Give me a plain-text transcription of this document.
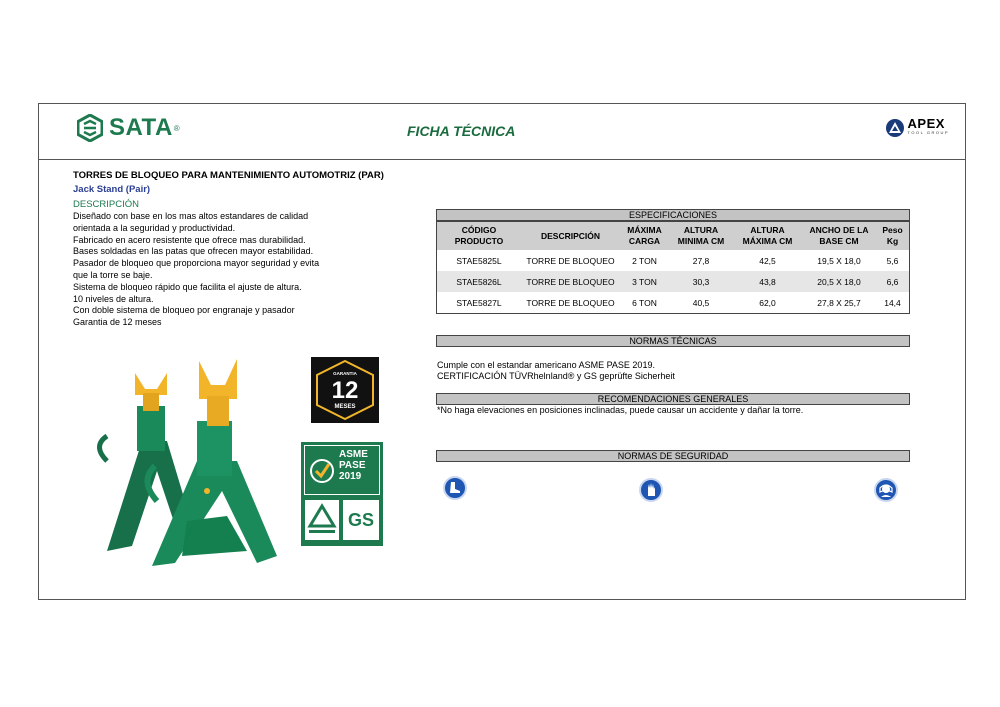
SATA ®	FICHA TÉCNICA	APEX
TOOL GROUP
TORRES DE BLOQUEO PARA MANTENIMIENTO AUTOMOTRIZ (PAR)
Jack Stand (Pair)
DESCRIPCIÓN
Diseñado con base en los mas altos estandares de calidad
orientada a la seguridad y productividad.
Fabricado en acero resistente que ofrece mas durabilidad.
Bases soldadas en las patas que ofrecen mayor estabilidad.
Pasador de bloqueo que proporciona mayor seguridad y evita
que la torre se baje.
Sistema de bloqueo rápido que facilita el ajuste de altura.
10 niveles de altura.
Con doble sistema de bloqueo por engranaje y pasador
Garantia de 12 meses
GARANTIA
12
MESES
ASME
PASE
2019
GS
ESPECIFICACIONES
CÓDIGO PRODUCTO	DESCRIPCIÓN	MÁXIMA CARGA	ALTURA MINIMA CM	ALTURA MÁXIMA CM	ANCHO DE LA BASE CM	Peso Kg
STAE5825L	TORRE DE BLOQUEO	2 TON	27,8	42,5	19,5 X 18,0	5,6
STAE5826L	TORRE DE BLOQUEO	3 TON	30,3	43,8	20,5 X 18,0	6,6
STAE5827L	TORRE DE BLOQUEO	6 TON	40,5	62,0	27,8 X 25,7	14,4
NORMAS TÉCNICAS
Cumple con el estandar americano ASME PASE 2019.
CERTIFICACIÓN TÜVRhelnland® y GS geprüfte Sicherheit
RECOMENDACIONES GENERALES
*No haga elevaciones en posiciones inclinadas, puede causar un accidente y dañar la torre.
NORMAS DE SEGURIDAD
